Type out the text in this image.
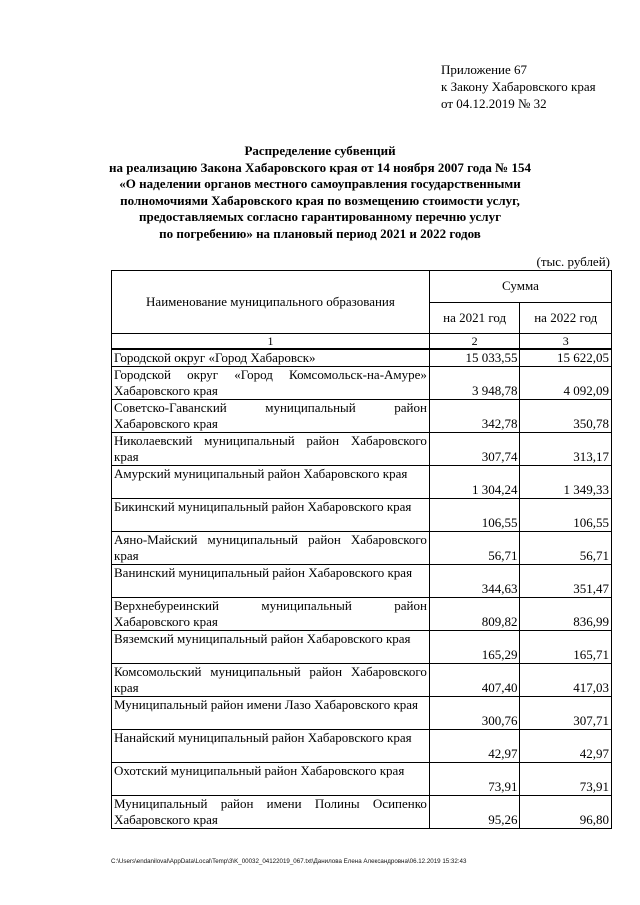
Приложение 67
к Закону Хабаровского края
от 04.12.2019 № 32
Распределение субвенций
на реализацию Закона Хабаровского края от 14 ноября 2007 года № 154
«О наделении органов местного самоуправления государственными
полномочиями Хабаровского края по возмещению стоимости услуг,
предоставляемых согласно гарантированному перечню услуг
по погребению» на плановый период 2021 и 2022 годов
(тыс. рублей)
Наименование муниципального образования	Сумма	
	на 2021 год	на 2022 год
1	2	3
Городской округ «Город Хабаровск»	15 033,55	15 622,05
Городской округ «Город Комсомольск-на-Амуре» Хабаровского края	3 948,78	4 092,09
Советско-Гаванский муниципальный район Хабаровского края	342,78	350,78
Николаевский муниципальный район Хабаровского края	307,74	313,17
Амурский муниципальный район Хабаровского края	1 304,24	1 349,33
Бикинский муниципальный район Хабаровского края	106,55	106,55
Аяно-Майский муниципальный район Хабаровского края	56,71	56,71
Ванинский муниципальный район Хабаровского края	344,63	351,47
Верхнебуреинский муниципальный район Хабаровского края	809,82	836,99
Вяземский муниципальный район Хабаровского края	165,29	165,71
Комсомольский муниципальный район Хабаровского края	407,40	417,03
Муниципальный район имени Лазо Хабаровского края	300,76	307,71
Нанайский муниципальный район Хабаровского края	42,97	42,97
Охотский муниципальный район Хабаровского края	73,91	73,91
Муниципальный район имени Полины Осипенко Хабаровского края	95,26	96,80
C:\Users\endaniloval\AppData\Local\Temp\3\K_00032_04122019_067.txt\Данилова Елена Александровна\06.12.2019 15:32:43
